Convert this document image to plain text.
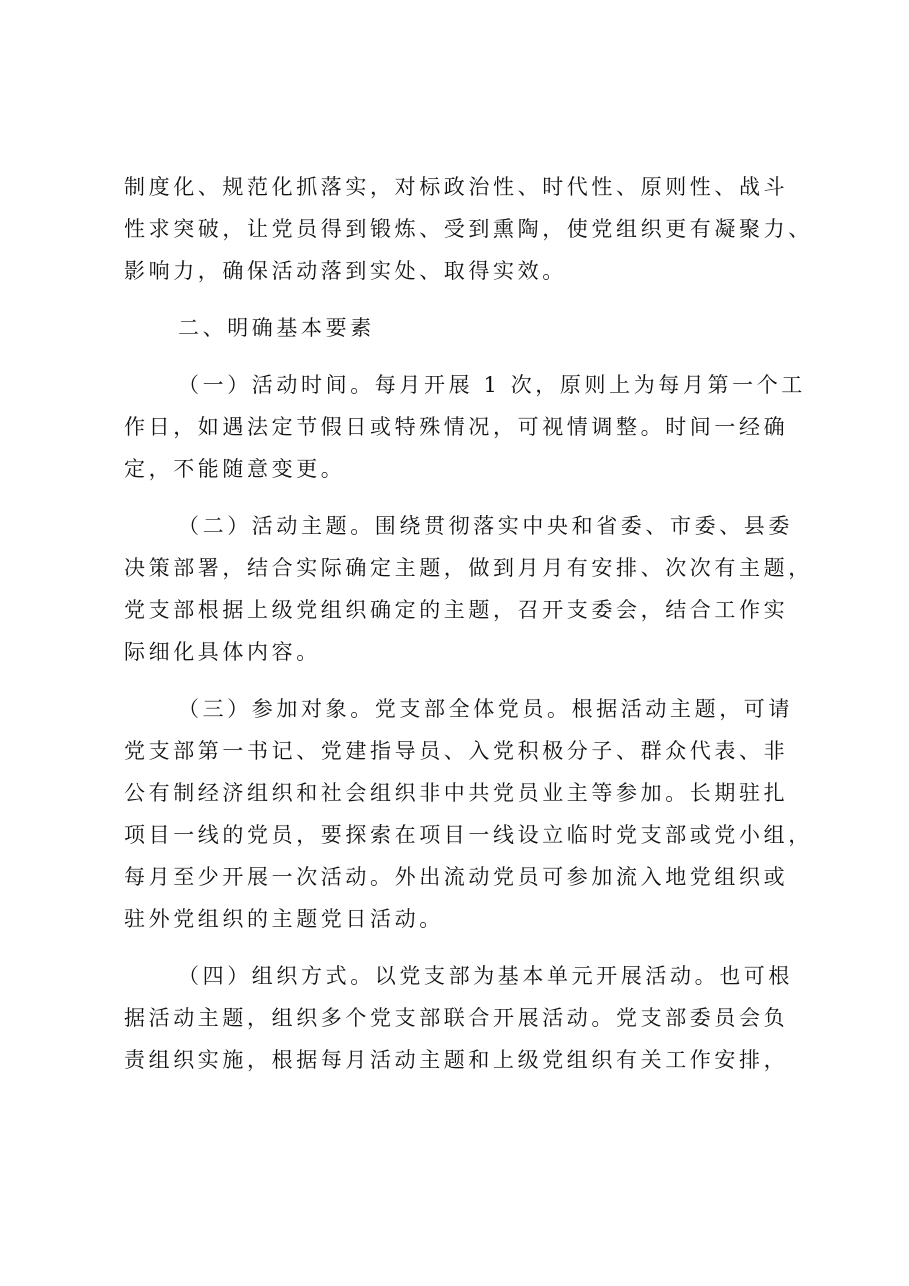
制度化、规范化抓落实，对标政治性、时代性、原则性、战斗
性求突破，让党员得到锻炼、受到熏陶，使党组织更有凝聚力、
影响力，确保活动落到实处、取得实效。
二、明确基本要素
（一）活动时间。每月开展 1 次，原则上为每月第一个工
作日，如遇法定节假日或特殊情况，可视情调整。时间一经确
定，不能随意变更。
（二）活动主题。围绕贯彻落实中央和省委、市委、县委
决策部署，结合实际确定主题，做到月月有安排、次次有主题，
党支部根据上级党组织确定的主题，召开支委会，结合工作实
际细化具体内容。
（三）参加对象。党支部全体党员。根据活动主题，可请
党支部第一书记、党建指导员、入党积极分子、群众代表、非
公有制经济组织和社会组织非中共党员业主等参加。长期驻扎
项目一线的党员，要探索在项目一线设立临时党支部或党小组，
每月至少开展一次活动。外出流动党员可参加流入地党组织或
驻外党组织的主题党日活动。
（四）组织方式。以党支部为基本单元开展活动。也可根
据活动主题，组织多个党支部联合开展活动。党支部委员会负
责组织实施，根据每月活动主题和上级党组织有关工作安排，
